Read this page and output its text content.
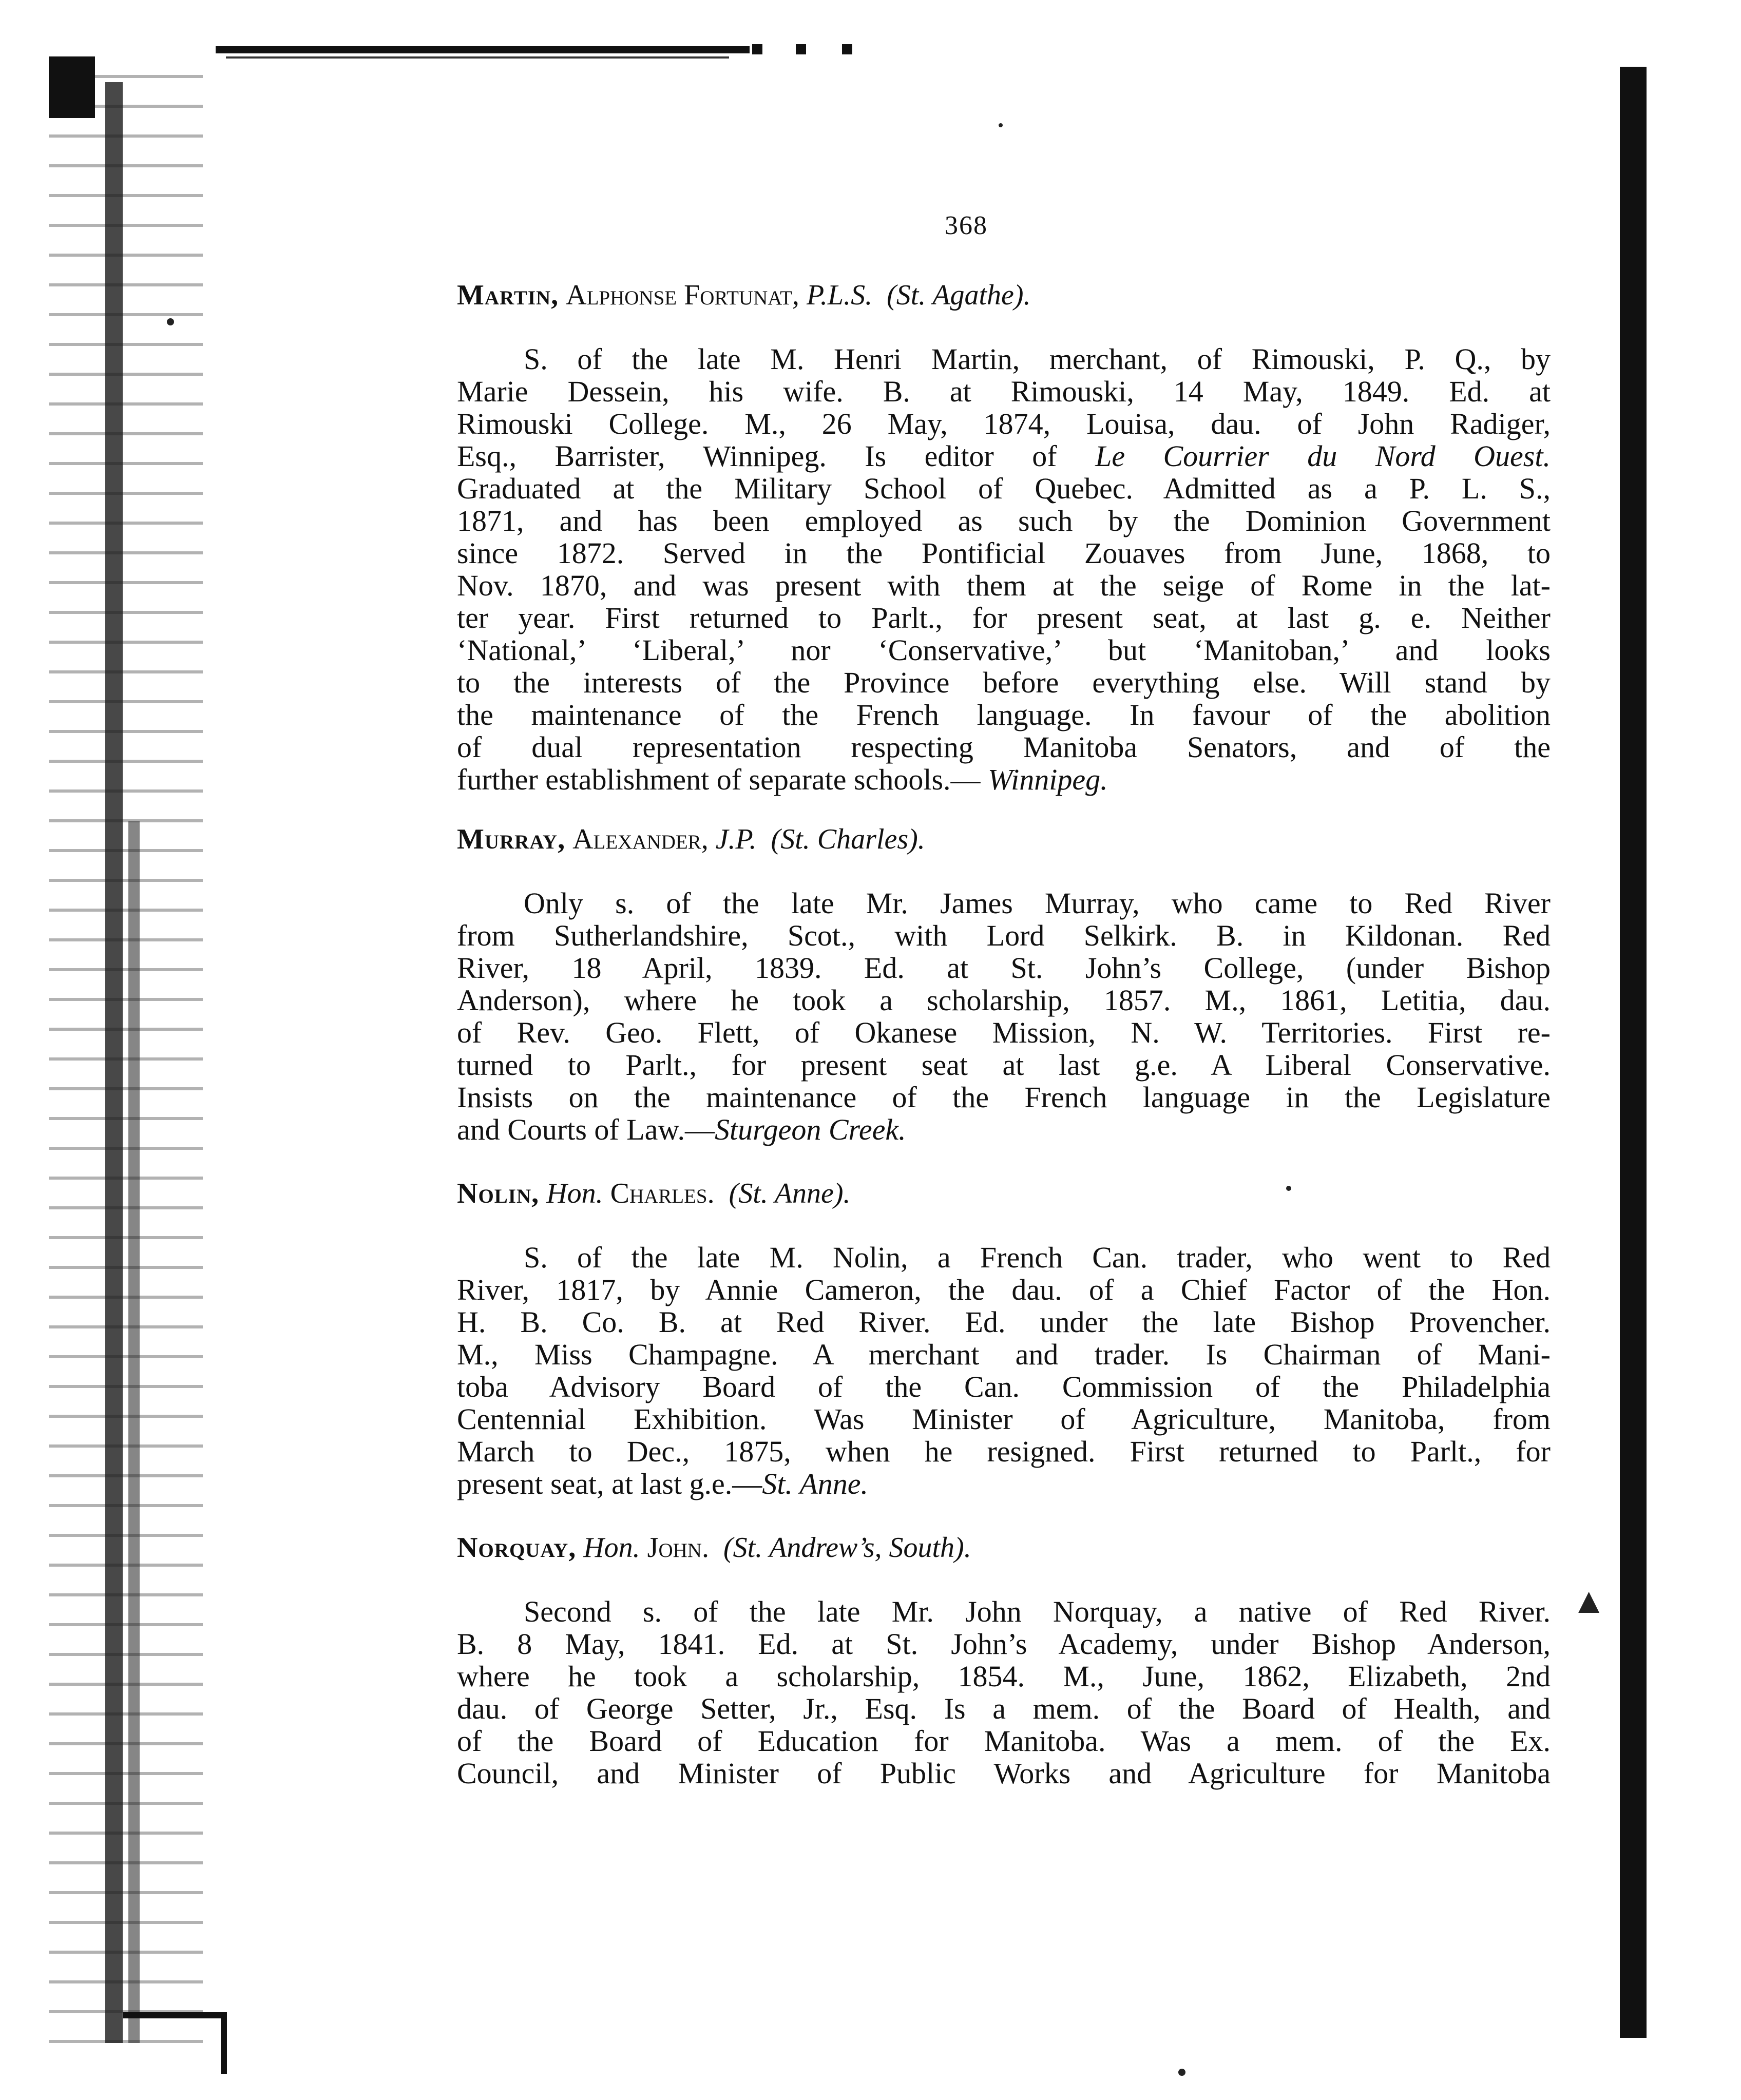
▲
368
Martin, Alphonse Fortunat, P.L.S. (St. Agathe).
S. of the late M. Henri Martin, merchant, of Rimouski, P. Q., by
Marie Dessein, his wife. B. at Rimouski, 14 May, 1849. Ed. at
Rimouski College. M., 26 May, 1874, Louisa, dau. of John Radiger,
Esq., Barrister, Winnipeg. Is editor of Le Courrier du Nord Ouest.
Graduated at the Military School of Quebec. Admitted as a P. L. S.,
1871, and has been employed as such by the Dominion Government
since 1872. Served in the Pontificial Zouaves from June, 1868, to
Nov. 1870, and was present with them at the seige of Rome in the lat-
ter year. First returned to Parlt., for present seat, at last g. e. Neither
‘National,’ ‘Liberal,’ nor ‘Conservative,’ but ‘Manitoban,’ and looks
to the interests of the Province before everything else. Will stand by
the maintenance of the French language. In favour of the abolition
of dual representation respecting Manitoba Senators, and of the
further establishment of separate schools.— Winnipeg.
Murray, Alexander, J.P. (St. Charles).
Only s. of the late Mr. James Murray, who came to Red River
from Sutherlandshire, Scot., with Lord Selkirk. B. in Kildonan. Red
River, 18 April, 1839. Ed. at St. John’s College, (under Bishop
Anderson), where he took a scholarship, 1857. M., 1861, Letitia, dau.
of Rev. Geo. Flett, of Okanese Mission, N. W. Territories. First re-
turned to Parlt., for present seat at last g.e. A Liberal Conservative.
Insists on the maintenance of the French language in the Legislature
and Courts of Law.—Sturgeon Creek.
Nolin, Hon. Charles. (St. Anne).
S. of the late M. Nolin, a French Can. trader, who went to Red
River, 1817, by Annie Cameron, the dau. of a Chief Factor of the Hon.
H. B. Co. B. at Red River. Ed. under the late Bishop Provencher.
M., Miss Champagne. A merchant and trader. Is Chairman of Mani-
toba Advisory Board of the Can. Commission of the Philadelphia
Centennial Exhibition. Was Minister of Agriculture, Manitoba, from
March to Dec., 1875, when he resigned. First returned to Parlt., for
present seat, at last g.e.—St. Anne.
Norquay, Hon. John. (St. Andrew’s, South).
Second s. of the late Mr. John Norquay, a native of Red River.
B. 8 May, 1841. Ed. at St. John’s Academy, under Bishop Anderson,
where he took a scholarship, 1854. M., June, 1862, Elizabeth, 2nd
dau. of George Setter, Jr., Esq. Is a mem. of the Board of Health, and
of the Board of Education for Manitoba. Was a mem. of the Ex.
Council, and Minister of Public Works and Agriculture for Manitoba
